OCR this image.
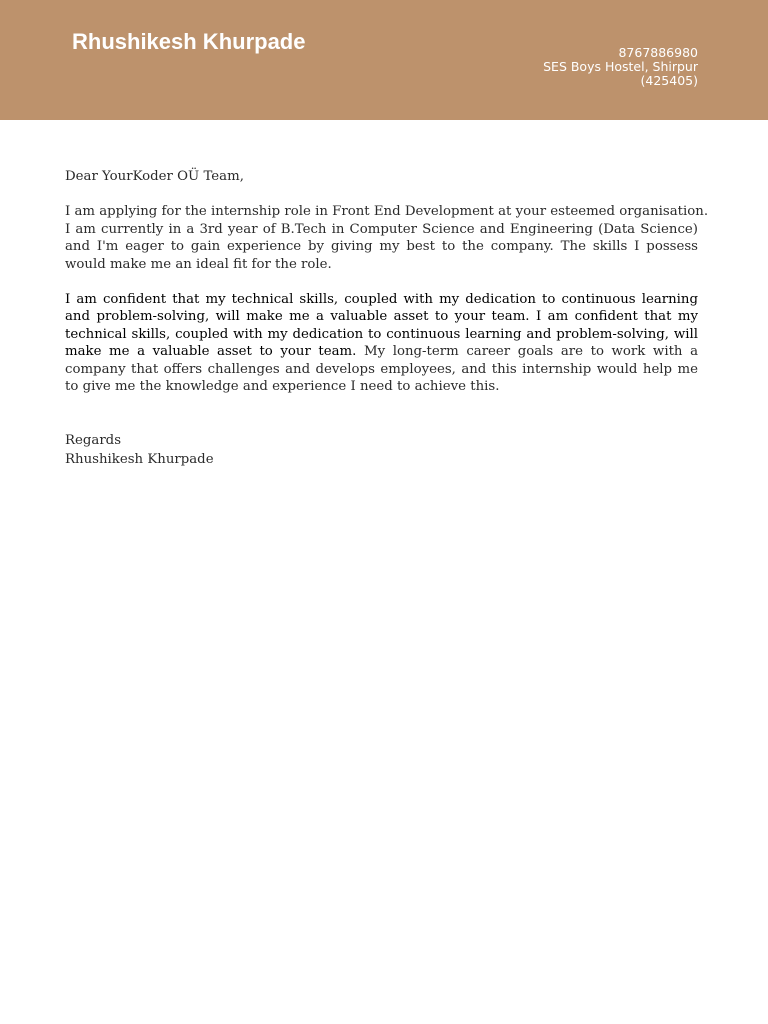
Rhushikesh Khurpade	8767886980
SES Boys Hostel, Shirpur
(425405)

Dear YourKoder OÜ Team,

I am applying for the internship role in Front End Development at your esteemed organisation.
I am currently in a 3rd year of B.Tech in Computer Science and Engineering (Data Science) and I'm eager to gain experience by giving my best to the company. The skills I possess would make me an ideal fit for the role.

I am confident that my technical skills, coupled with my dedication to continuous learning and problem-solving, will make me a valuable asset to your team. I am confident that my technical skills, coupled with my dedication to continuous learning and problem-solving, will make me a valuable asset to your team. My long-term career goals are to work with a company that offers challenges and develops employees, and this internship would help me to give me the knowledge and experience I need to achieve this.

Regards
Rhushikesh Khurpade
